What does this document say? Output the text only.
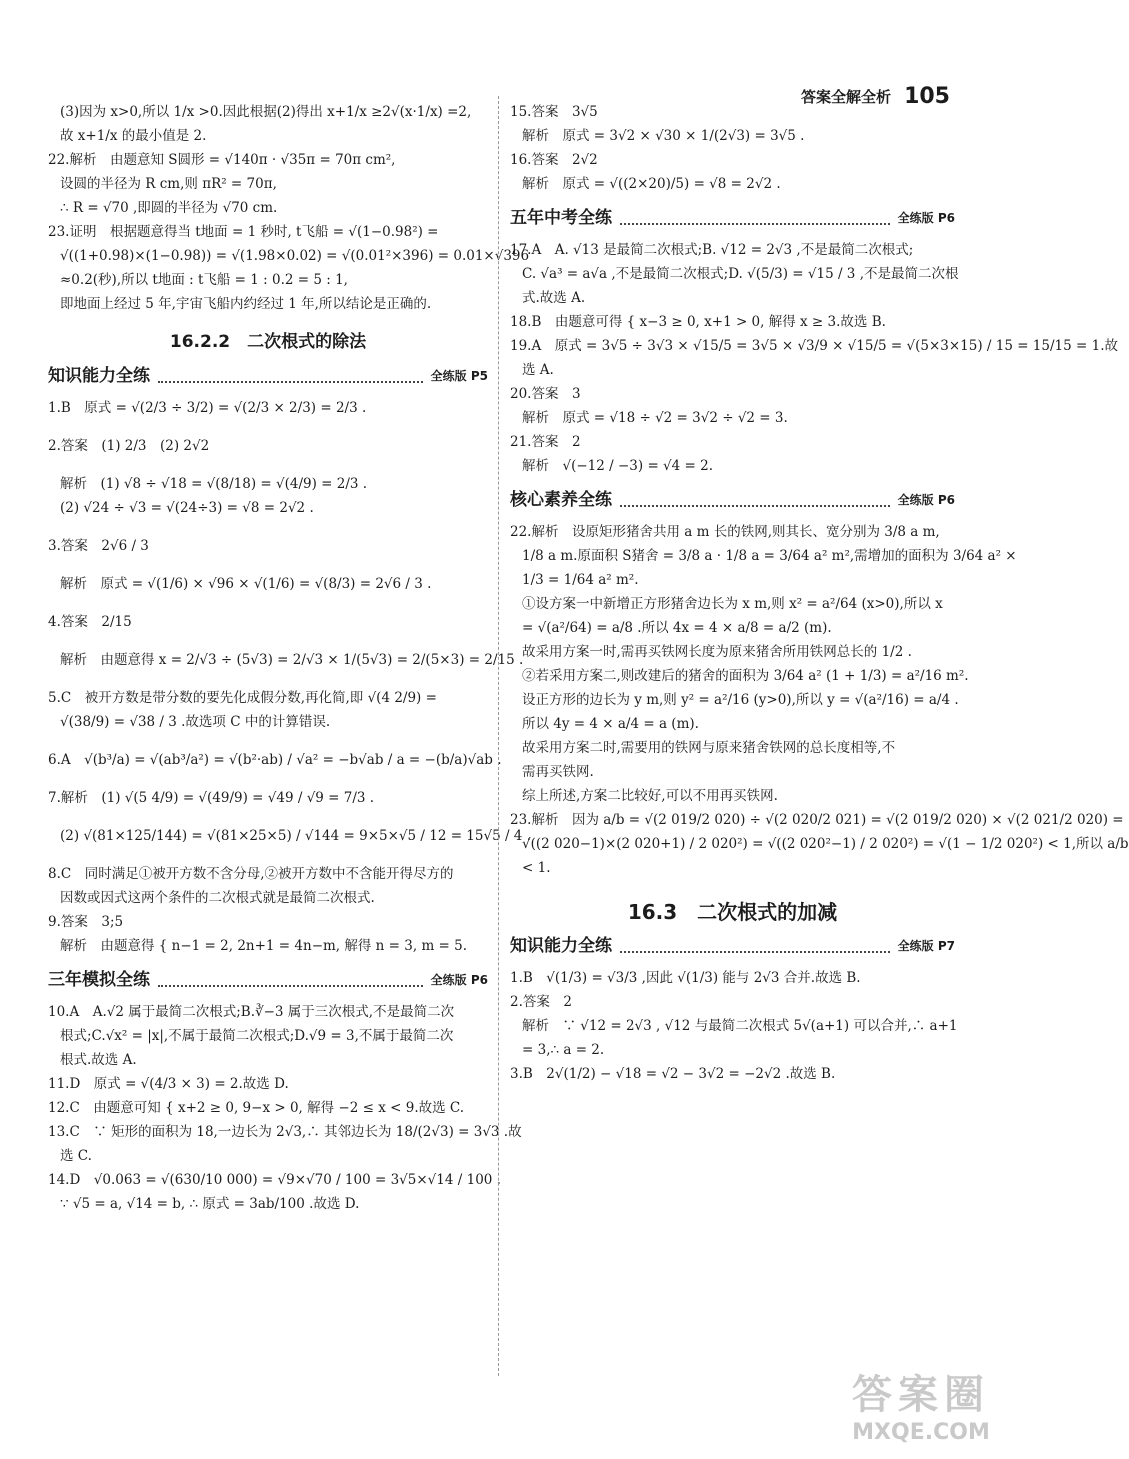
答案全解全析 105
(3)因为 x>0,所以 1/x >0.因此根据(2)得出 x+1/x ≥2√(x·1/x) =2,
故 x+1/x 的最小值是 2.
22.解析　由题意知 S圆形 = √140π · √35π = 70π cm²,
设圆的半径为 R cm,则 πR² = 70π,
∴ R = √70 ,即圆的半径为 √70 cm.
23.证明　根据题意得当 t地面 = 1 秒时, t飞船 = √(1−0.98²) =
√((1+0.98)×(1−0.98)) = √(1.98×0.02) = √(0.01²×396) = 0.01×√396
≈0.2(秒),所以 t地面 : t飞船 = 1 : 0.2 = 5 : 1,
即地面上经过 5 年,宇宙飞船内约经过 1 年,所以结论是正确的.
16.2.2　二次根式的除法
知识能力全练	全练版 P5
1.B　原式 = √(2/3 ÷ 3/2) = √(2/3 × 2/3) = 2/3 .
2.答案　(1) 2/3　(2) 2√2
解析　(1) √8 ÷ √18 = √(8/18) = √(4/9) = 2/3 .
(2) √24 ÷ √3 = √(24÷3) = √8 = 2√2 .
3.答案　2√6 / 3
解析　原式 = √(1/6) × √96 × √(1/6) = √(8/3) = 2√6 / 3 .
4.答案　2/15
解析　由题意得 x = 2/√3 ÷ (5√3) = 2/√3 × 1/(5√3) = 2/(5×3) = 2/15 .
5.C　被开方数是带分数的要先化成假分数,再化简,即 √(4 2/9) =
√(38/9) = √38 / 3 .故选项 C 中的计算错误.
6.A　√(b³/a) = √(ab³/a²) = √(b²·ab) / √a² = −b√ab / a = −(b/a)√ab .
7.解析　(1) √(5 4/9) = √(49/9) = √49 / √9 = 7/3 .
(2) √(81×125/144) = √(81×25×5) / √144 = 9×5×√5 / 12 = 15√5 / 4 .
8.C　同时满足①被开方数不含分母,②被开方数中不含能开得尽方的
因数或因式这两个条件的二次根式就是最简二次根式.
9.答案　3;5
解析　由题意得 { n−1 = 2, 2n+1 = 4n−m, 解得 n = 3, m = 5.
三年模拟全练	全练版 P6
10.A　A.√2 属于最简二次根式;B.∛−3 属于三次根式,不是最简二次
根式;C.√x² = |x|,不属于最简二次根式;D.√9 = 3,不属于最简二次
根式.故选 A.
11.D　原式 = √(4/3 × 3) = 2.故选 D.
12.C　由题意可知 { x+2 ≥ 0, 9−x > 0, 解得 −2 ≤ x < 9.故选 C.
13.C　∵ 矩形的面积为 18,一边长为 2√3,∴ 其邻边长为 18/(2√3) = 3√3 .故
选 C.
14.D　√0.063 = √(630/10 000) = √9×√70 / 100 = 3√5×√14 / 100 .
∵ √5 = a, √14 = b, ∴ 原式 = 3ab/100 .故选 D.
15.答案　3√5
解析　原式 = 3√2 × √30 × 1/(2√3) = 3√5 .
16.答案　2√2
解析　原式 = √((2×20)/5) = √8 = 2√2 .
五年中考全练	全练版 P6
17.A　A. √13 是最简二次根式;B. √12 = 2√3 ,不是最简二次根式;
C. √a³ = a√a ,不是最简二次根式;D. √(5/3) = √15 / 3 ,不是最简二次根
式.故选 A.
18.B　由题意可得 { x−3 ≥ 0, x+1 > 0, 解得 x ≥ 3.故选 B.
19.A　原式 = 3√5 ÷ 3√3 × √15/5 = 3√5 × √3/9 × √15/5 = √(5×3×15) / 15 = 15/15 = 1.故
选 A.
20.答案　3
解析　原式 = √18 ÷ √2 = 3√2 ÷ √2 = 3.
21.答案　2
解析　√(−12 / −3) = √4 = 2.
核心素养全练	全练版 P6
22.解析　设原矩形猪舍共用 a m 长的铁网,则其长、宽分别为 3/8 a m,
1/8 a m.原面积 S猪舍 = 3/8 a · 1/8 a = 3/64 a² m²,需增加的面积为 3/64 a² ×
1/3 = 1/64 a² m².
①设方案一中新增正方形猪舍边长为 x m,则 x² = a²/64 (x>0),所以 x
= √(a²/64) = a/8 .所以 4x = 4 × a/8 = a/2 (m).
故采用方案一时,需再买铁网长度为原来猪舍所用铁网总长的 1/2 .
②若采用方案二,则改建后的猪舍的面积为 3/64 a² (1 + 1/3) = a²/16 m².
设正方形的边长为 y m,则 y² = a²/16 (y>0),所以 y = √(a²/16) = a/4 .
所以 4y = 4 × a/4 = a (m).
故采用方案二时,需要用的铁网与原来猪舍铁网的总长度相等,不
需再买铁网.
综上所述,方案二比较好,可以不用再买铁网.
23.解析　因为 a/b = √(2 019/2 020) ÷ √(2 020/2 021) = √(2 019/2 020) × √(2 021/2 020) =
√((2 020−1)×(2 020+1) / 2 020²) = √((2 020²−1) / 2 020²) = √(1 − 1/2 020²) < 1,所以 a/b
< 1.
16.3　二次根式的加减
知识能力全练	全练版 P7
1.B　√(1/3) = √3/3 ,因此 √(1/3) 能与 2√3 合并.故选 B.
2.答案　2
解析　∵ √12 = 2√3 , √12 与最简二次根式 5√(a+1) 可以合并,∴ a+1
= 3,∴ a = 2.
3.B　2√(1/2) − √18 = √2 − 3√2 = −2√2 .故选 B.
答案圈
MXQE.COM
